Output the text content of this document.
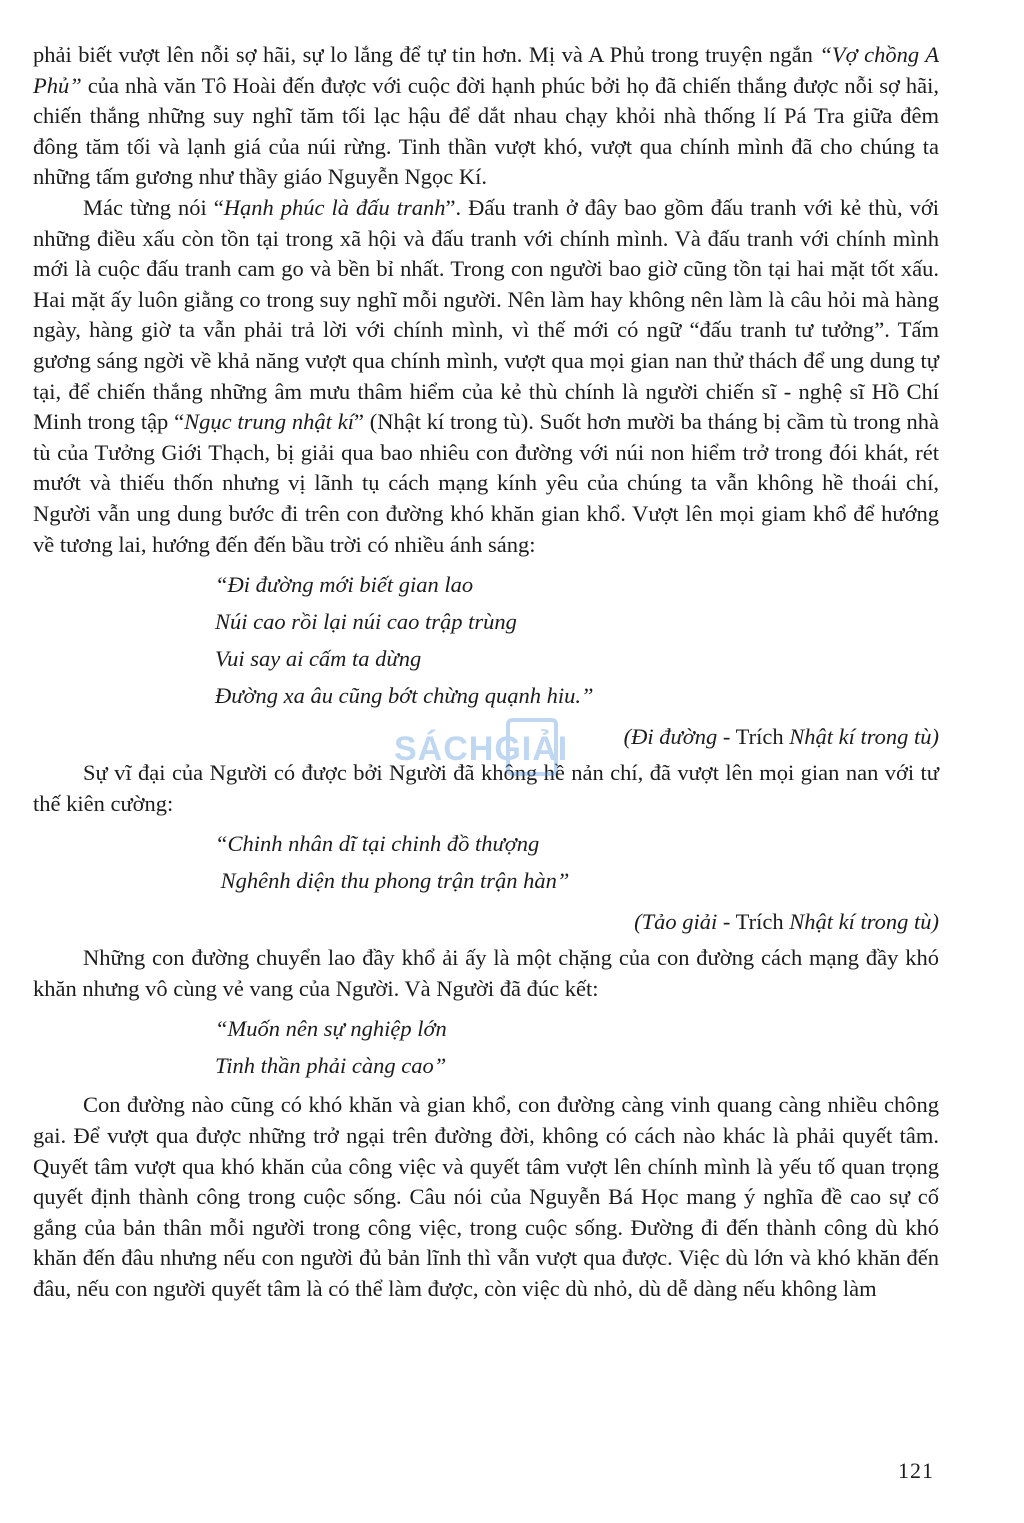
phải biết vượt lên nỗi sợ hãi, sự lo lắng để tự tin hơn. Mị và A Phủ trong truyện ngắn “Vợ chồng A Phủ” của nhà văn Tô Hoài đến được với cuộc đời hạnh phúc bởi họ đã chiến thắng được nỗi sợ hãi, chiến thắng những suy nghĩ tăm tối lạc hậu để dắt nhau chạy khỏi nhà thống lí Pá Tra giữa đêm đông tăm tối và lạnh giá của núi rừng. Tinh thần vượt khó, vượt qua chính mình đã cho chúng ta những tấm gương như thầy giáo Nguyễn Ngọc Kí.

Mác từng nói “Hạnh phúc là đấu tranh”. Đấu tranh ở đây bao gồm đấu tranh với kẻ thù, với những điều xấu còn tồn tại trong xã hội và đấu tranh với chính mình. Và đấu tranh với chính mình mới là cuộc đấu tranh cam go và bền bỉ nhất. Trong con người bao giờ cũng tồn tại hai mặt tốt xấu. Hai mặt ấy luôn giằng co trong suy nghĩ mỗi người. Nên làm hay không nên làm là câu hỏi mà hàng ngày, hàng giờ ta vẫn phải trả lời với chính mình, vì thế mới có ngữ “đấu tranh tư tưởng”. Tấm gương sáng ngời về khả năng vượt qua chính mình, vượt qua mọi gian nan thử thách để ung dung tự tại, để chiến thắng những âm mưu thâm hiểm của kẻ thù chính là người chiến sĩ - nghệ sĩ Hồ Chí Minh trong tập “Ngục trung nhật kí” (Nhật kí trong tù). Suốt hơn mười ba tháng bị cầm tù trong nhà tù của Tưởng Giới Thạch, bị giải qua bao nhiêu con đường với núi non hiểm trở trong đói khát, rét mướt và thiếu thốn nhưng vị lãnh tụ cách mạng kính yêu của chúng ta vẫn không hề thoái chí, Người vẫn ung dung bước đi trên con đường khó khăn gian khổ. Vượt lên mọi giam khổ để hướng về tương lai, hướng đến đến bầu trời có nhiều ánh sáng:

“Đi đường mới biết gian lao
Núi cao rồi lại núi cao trập trùng
Vui say ai cấm ta dừng
Đường xa âu cũng bớt chừng quạnh hiu.”

(Đi đường - Trích Nhật kí trong tù)

Sự vĩ đại của Người có được bởi Người đã không hề nản chí, đã vượt lên mọi gian nan với tư thế kiên cường:

“Chinh nhân dĩ tại chinh đồ thượng
Nghênh diện thu phong trận trận hàn”

(Tảo giải - Trích Nhật kí trong tù)

Những con đường chuyển lao đầy khổ ải ấy là một chặng của con đường cách mạng đầy khó khăn nhưng vô cùng vẻ vang của Người. Và Người đã đúc kết:

“Muốn nên sự nghiệp lớn
Tinh thần phải càng cao”

Con đường nào cũng có khó khăn và gian khổ, con đường càng vinh quang càng nhiều chông gai. Để vượt qua được những trở ngại trên đường đời, không có cách nào khác là phải quyết tâm. Quyết tâm vượt qua khó khăn của công việc và quyết tâm vượt lên chính mình là yếu tố quan trọng quyết định thành công trong cuộc sống. Câu nói của Nguyễn Bá Học mang ý nghĩa đề cao sự cố gắng của bản thân mỗi người trong công việc, trong cuộc sống. Đường đi đến thành công dù khó khăn đến đâu nhưng nếu con người đủ bản lĩnh thì vẫn vượt qua được. Việc dù lớn và khó khăn đến đâu, nếu con người quyết tâm là có thể làm được, còn việc dù nhỏ, dù dễ dàng nếu không làm

SÁCHGIẢI
121
